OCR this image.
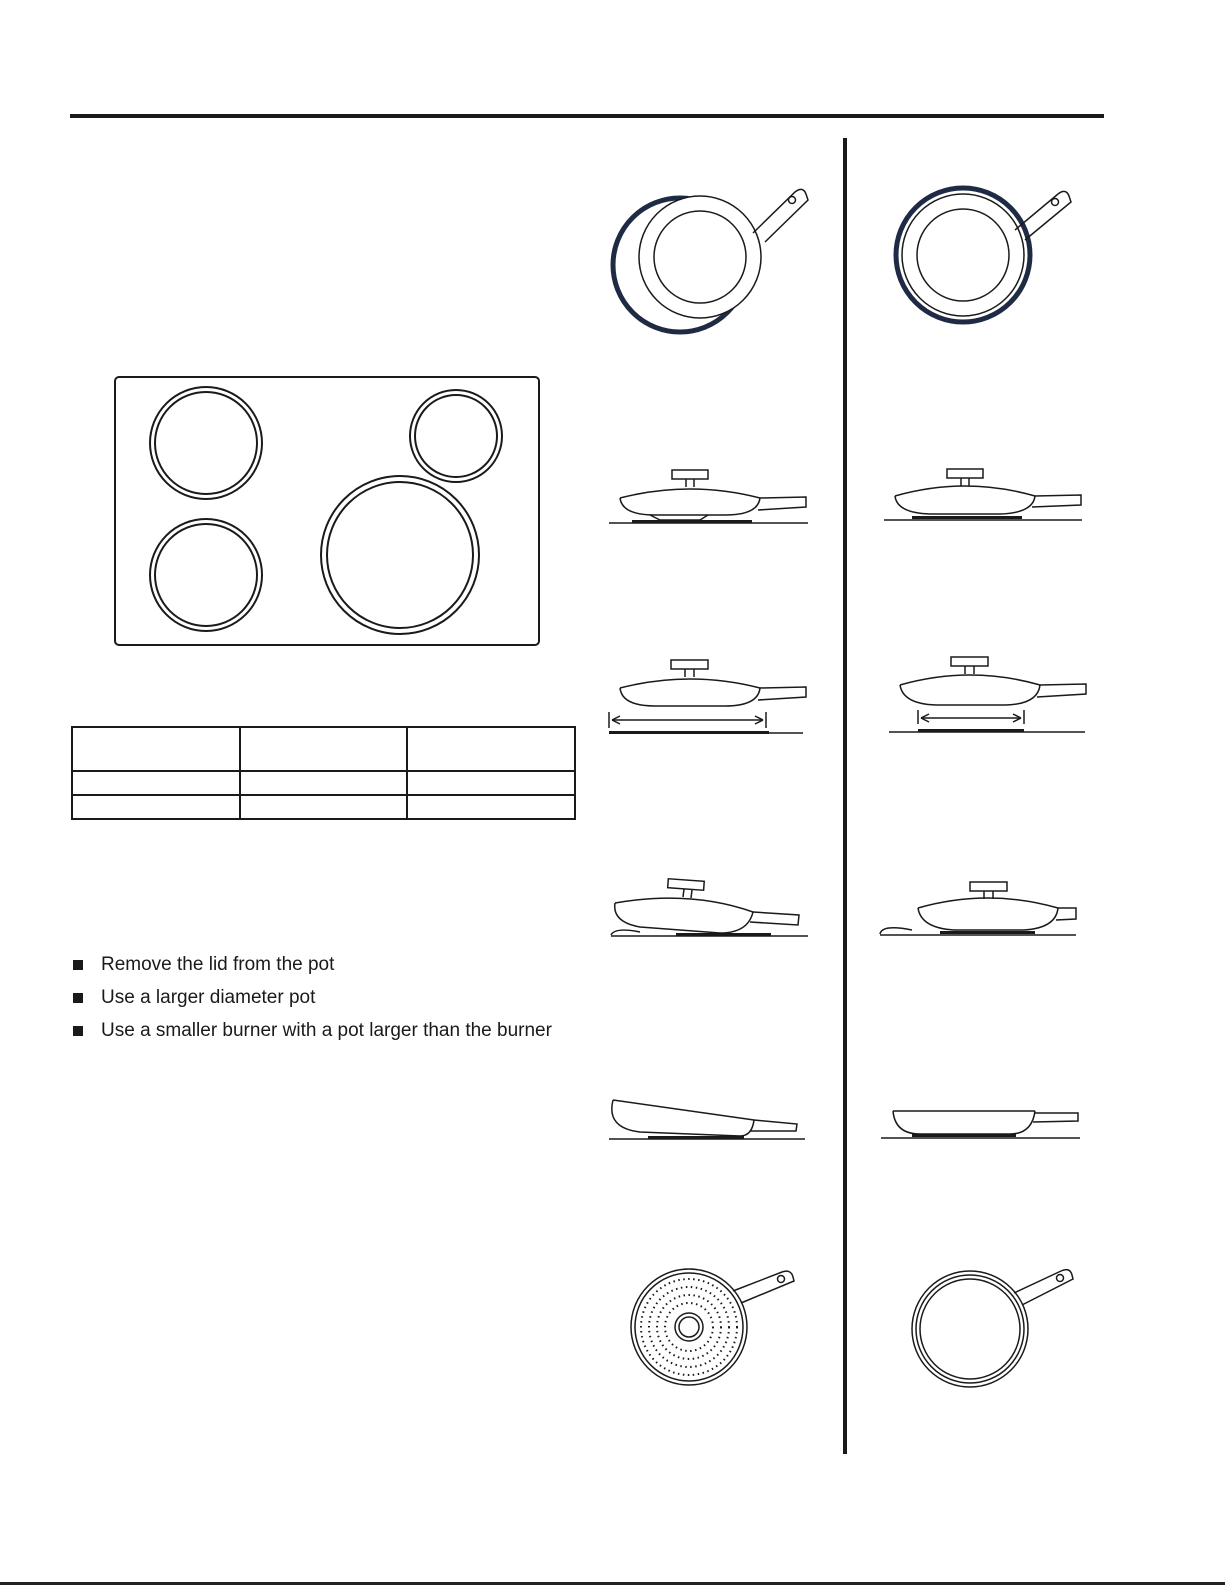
Remove the lid from the pot
Use a larger diameter pot
Use a smaller burner with a pot larger than the burner
